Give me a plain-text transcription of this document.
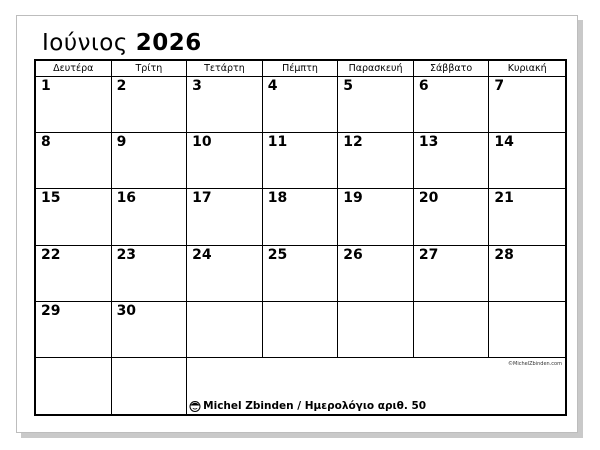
Ιούνιος 2026
Δευτέρα	Τρίτη	Τετάρτη	Πέμπτη	Παρασκευή	Σάββατο	Κυριακή
1	2	3	4	5	6	7
8	9	10	11	12	13	14
15	16	17	18	19	20	21
22	23	24	25	26	27	28
29	30
©MichelZbinden.com
Michel Zbinden / Ημερολόγιο αριθ. 50
